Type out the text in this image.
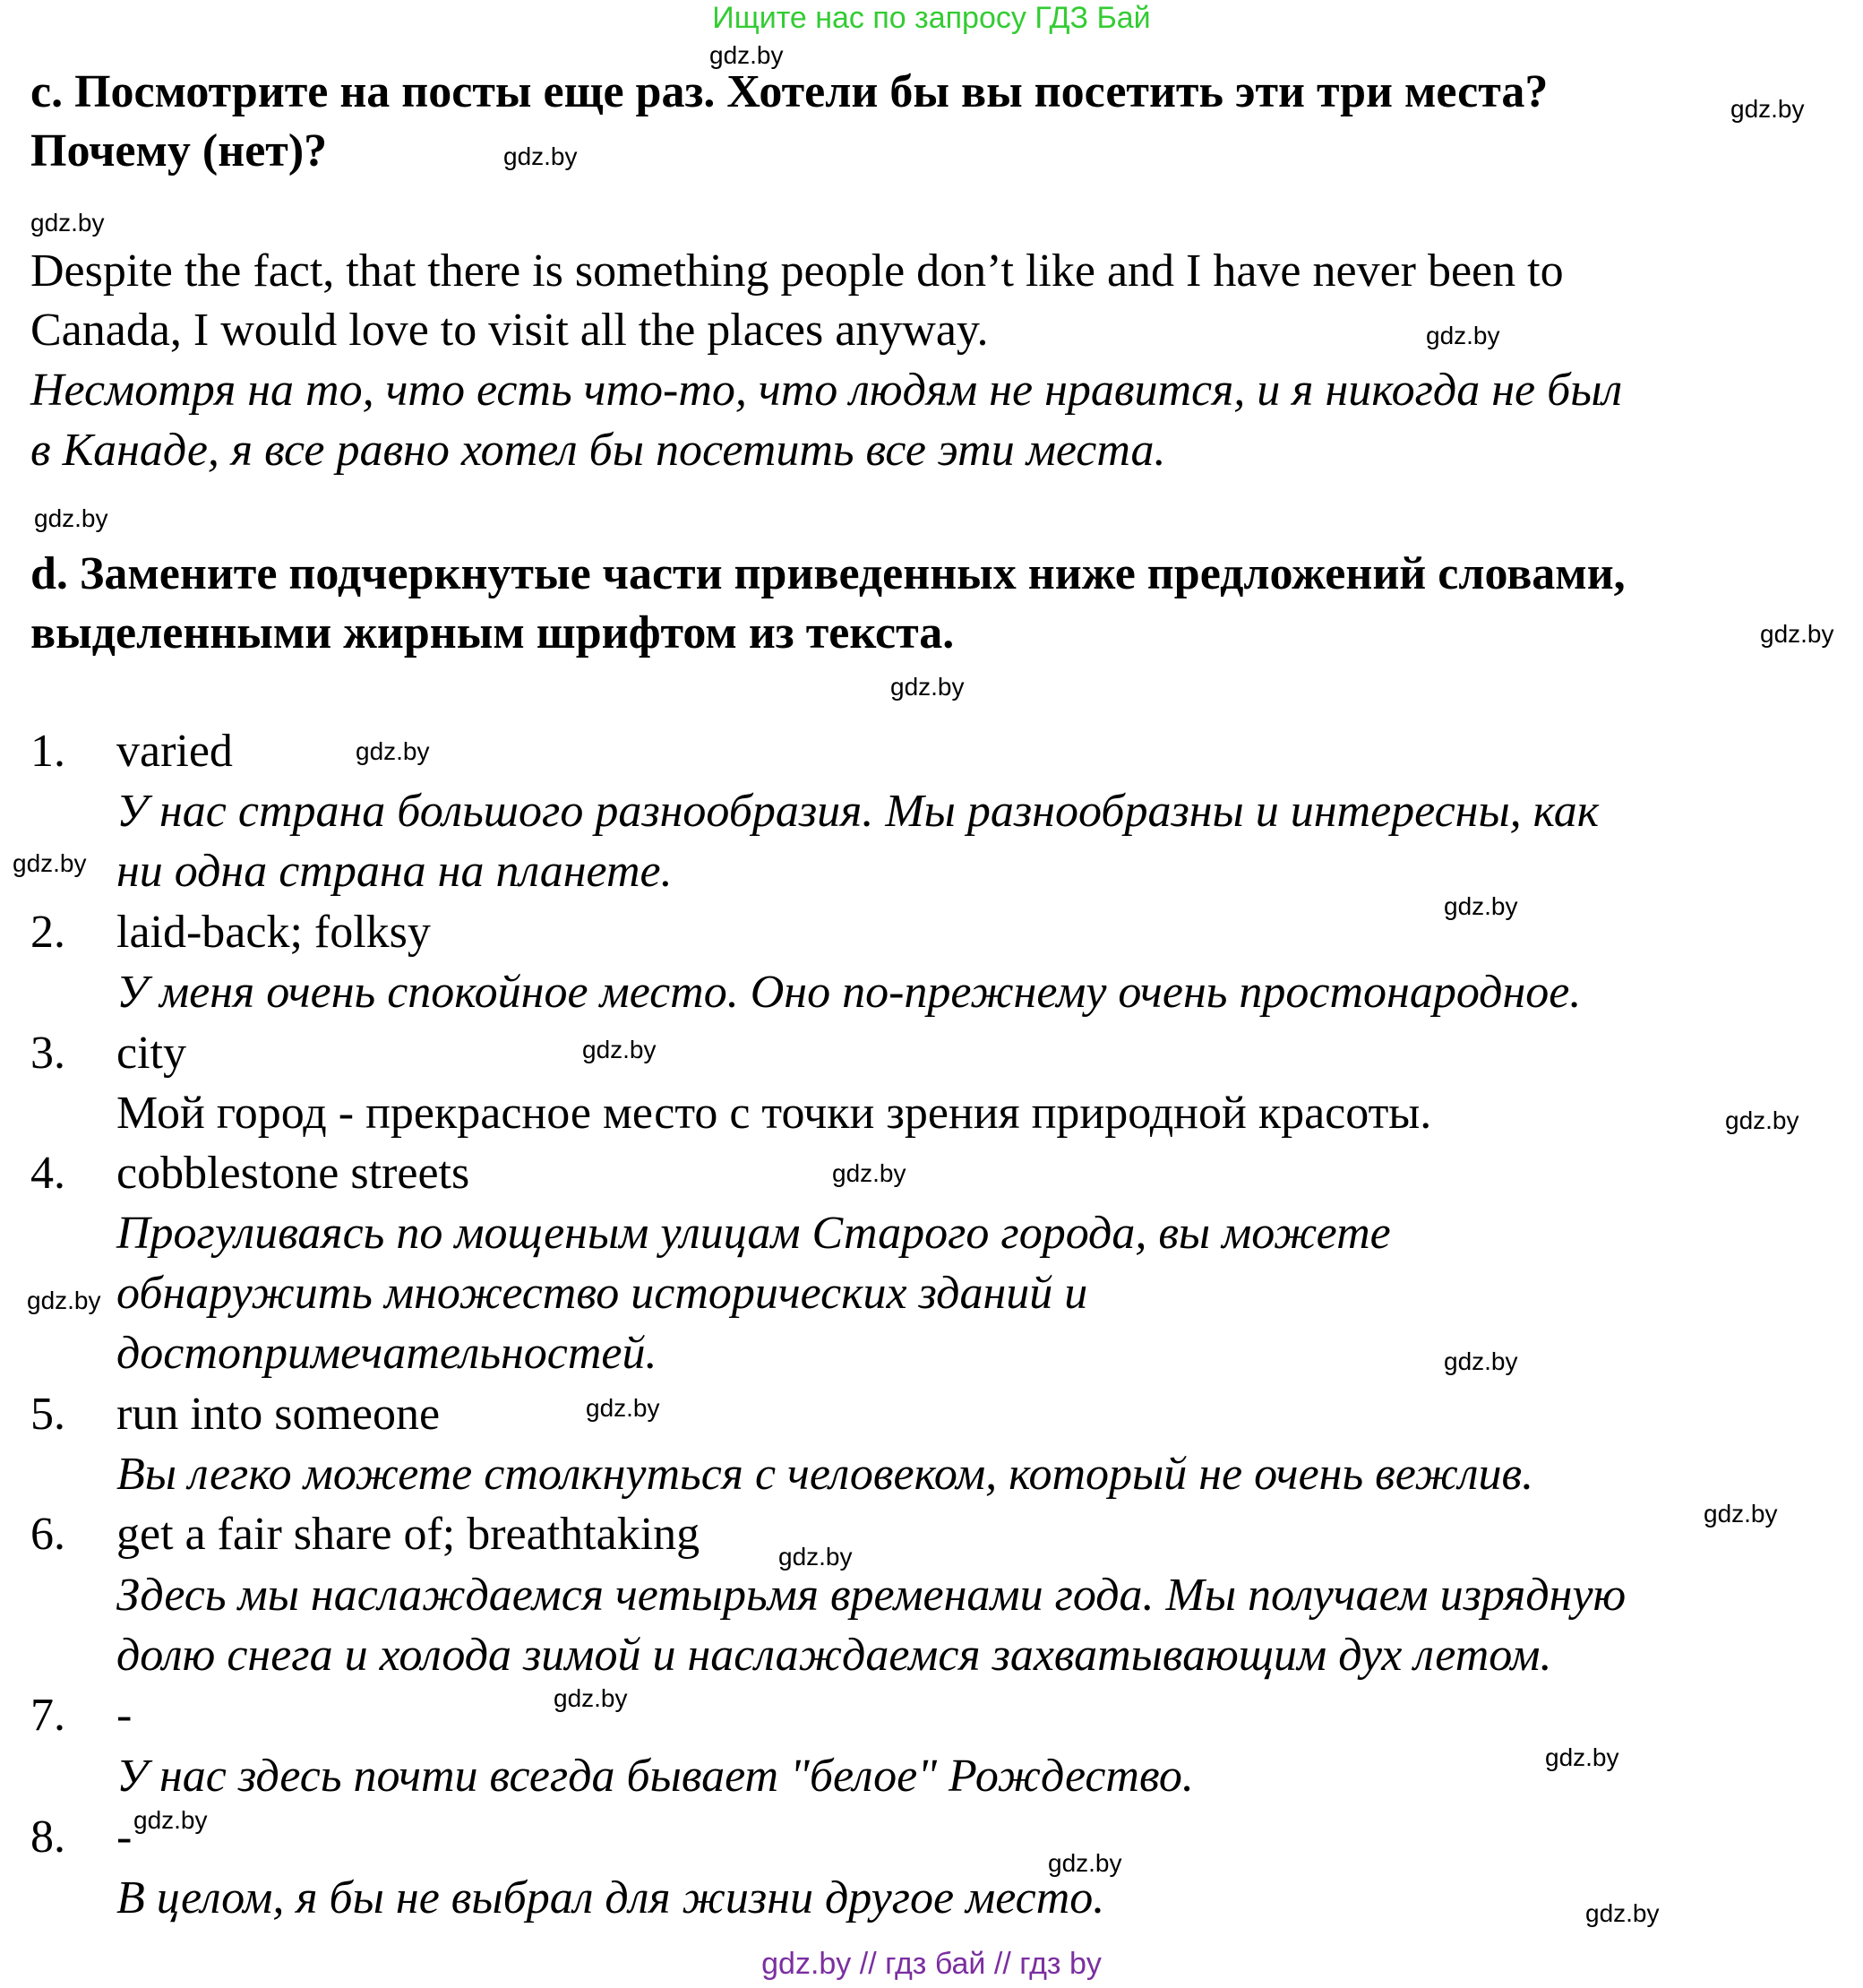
Ищите нас по запросу ГДЗ Бай
gdz.by
gdz.by
gdz.by
gdz.by
gdz.by
gdz.by
gdz.by
gdz.by
gdz.by
gdz.by
gdz.by
gdz.by
gdz.by
gdz.by
gdz.by
gdz.by
gdz.by
gdz.by
gdz.by
gdz.by
gdz.by
gdz.by
gdz.by
gdz.by
с. Посмотрите на посты еще раз. Хотели бы вы посетить эти три места?
Почему (нет)?
Despite the fact, that there is something people don’t like and I have never been to
Canada, I would love to visit all the places anyway.
Несмотря на то, что есть что-то, что людям не нравится, и я никогда не был
в Канаде, я все равно хотел бы посетить все эти места.
d. Замените подчеркнутые части приведенных ниже предложений словами,
выделенными жирным шрифтом из текста.
1. varied
У нас страна большого разнообразия. Мы разнообразны и интересны, как
ни одна страна на планете.
2. laid-back; folksy
У меня очень спокойное место. Оно по-прежнему очень простонародное.
3. city
Мой город - прекрасное место с точки зрения природной красоты.
4. cobblestone streets
Прогуливаясь по мощеным улицам Старого города, вы можете
обнаружить множество исторических зданий и
достопримечательностей.
5. run into someone
Вы легко можете столкнуться с человеком, который не очень вежлив.
6. get a fair share of; breathtaking
Здесь мы наслаждаемся четырьмя временами года. Мы получаем изрядную
долю снега и холода зимой и наслаждаемся захватывающим дух летом.
7. -
У нас здесь почти всегда бывает "белое" Рождество.
8. -
В целом, я бы не выбрал для жизни другое место.
gdz.by // гдз бай // гдз by
